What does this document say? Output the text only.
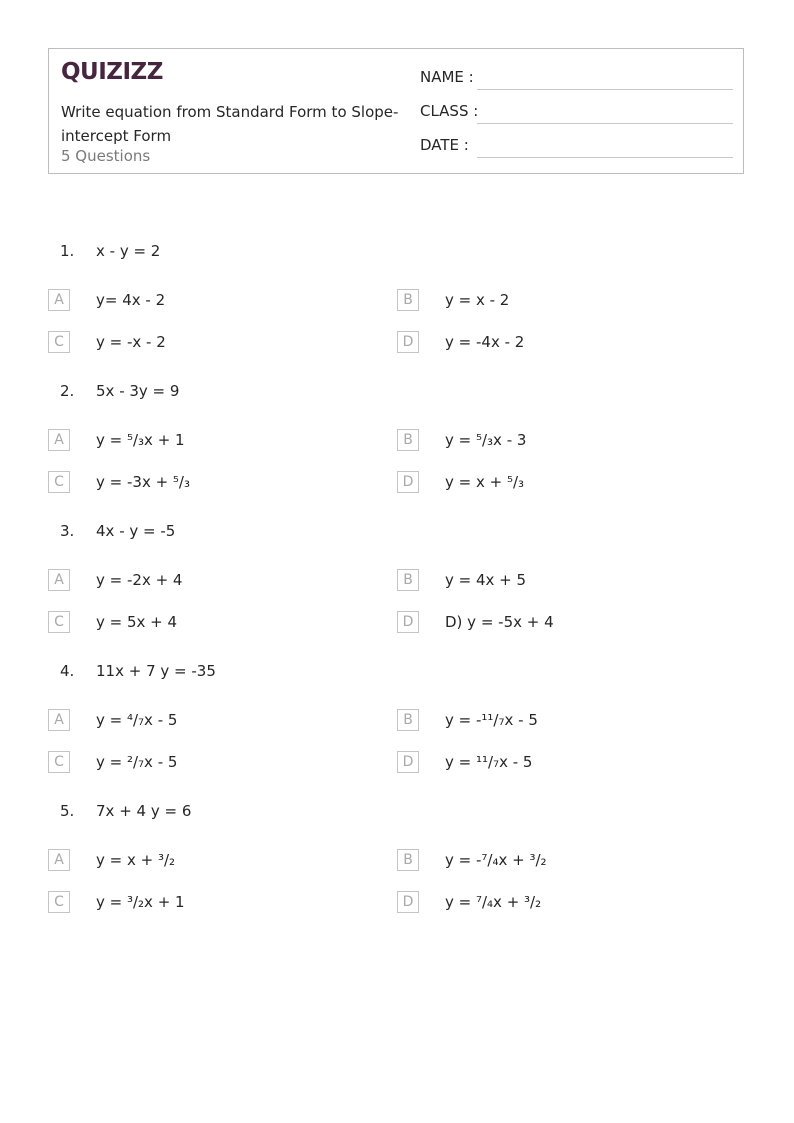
QUIZIZZ
Write equation from Standard Form to Slope-intercept Form
5 Questions
NAME :
CLASS :
DATE :
1. x - y = 2
A	y= 4x - 2	B	y = x - 2
C	y = -x - 2	D	y = -4x - 2
2. 5x - 3y = 9
A	y = ⁵/₃x + 1	B	y = ⁵/₃x - 3
C	y = -3x + ⁵/₃	D	y = x + ⁵/₃
3. 4x - y = -5
A	y = -2x + 4	B	y = 4x + 5
C	y = 5x + 4	D	D) y = -5x + 4
4. 11x + 7 y = -35
A	y = ⁴/₇x - 5	B	y = -¹¹/₇x - 5
C	y = ²/₇x - 5	D	y = ¹¹/₇x - 5
5. 7x + 4 y = 6
A	y = x + ³/₂	B	y = -⁷/₄x + ³/₂
C	y = ³/₂x + 1	D	y = ⁷/₄x + ³/₂
